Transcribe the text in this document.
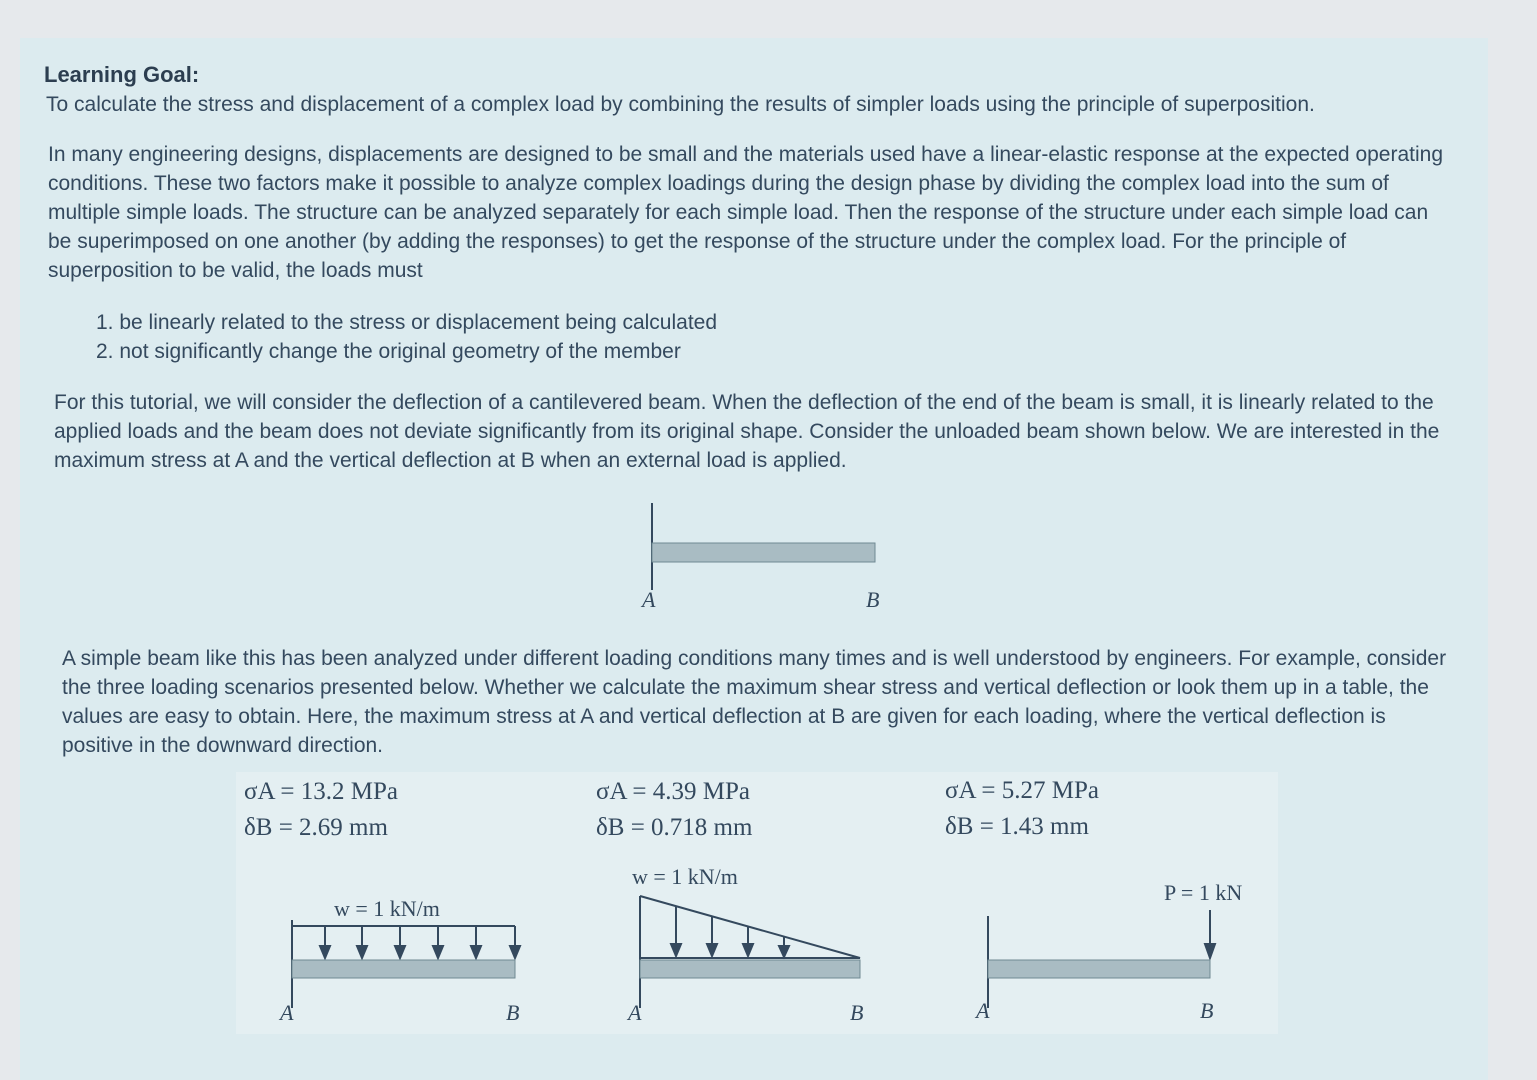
Learning Goal:
To calculate the stress and displacement of a complex load by combining the results of simpler loads using the principle of superposition.
In many engineering designs, displacements are designed to be small and the materials used have a linear-elastic response at the expected operating conditions. These two factors make it possible to analyze complex loadings during the design phase by dividing the complex load into the sum of multiple simple loads. The structure can be analyzed separately for each simple load. Then the response of the structure under each simple load can be superimposed on one another (by adding the responses) to get the response of the structure under the complex load. For the principle of superposition to be valid, the loads must
1. be linearly related to the stress or displacement being calculated
2. not significantly change the original geometry of the member
For this tutorial, we will consider the deflection of a cantilevered beam. When the deflection of the end of the beam is small, it is linearly related to the applied loads and the beam does not deviate significantly from its original shape. Consider the unloaded beam shown below. We are interested in the maximum stress at A and the vertical deflection at B when an external load is applied.
A	B
A simple beam like this has been analyzed under different loading conditions many times and is well understood by engineers. For example, consider the three loading scenarios presented below. Whether we calculate the maximum shear stress and vertical deflection or look them up in a table, the values are easy to obtain. Here, the maximum stress at A and vertical deflection at B are given for each loading, where the vertical deflection is positive in the downward direction.
σA = 13.2 MPa
δB = 2.69 mm
σA = 4.39 MPa
δB = 0.718 mm
σA = 5.27 MPa
δB = 1.43 mm
w = 1 kN/m
A	B
w = 1 kN/m
A	B
P = 1 kN
A	B
